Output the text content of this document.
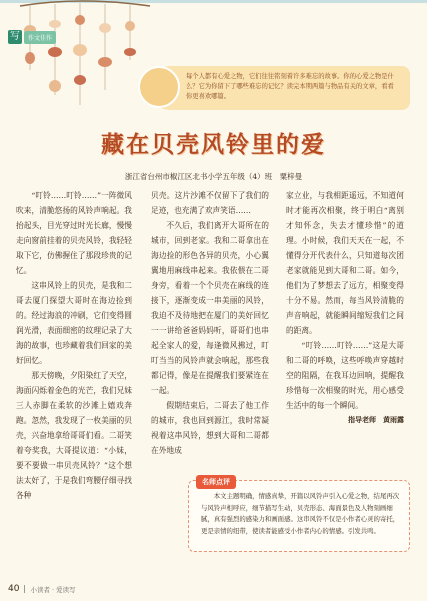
写	作文佳作
每个人都有心爱之物，它们往往铭刻着许多难忘的故事。你的心爱之物是什么？它为你留下了哪些难忘的记忆？读完本期两篇与物品有关的文章，看看你更喜欢哪篇。
藏在贝壳风铃里的爱
浙江省台州市椒江区北书小学五年级（4）班　粟梓曼

“叮铃……叮铃……”一阵微风吹来，清脆悠扬的风铃声响起。我抬起头，目光穿过时光长廊，慢慢走向窗前挂着的贝壳风铃，我轻轻取下它，仿佛握住了那段珍贵的记忆。

这串风铃上的贝壳，是我和二哥去厦门探望大哥时在海边捡到的。经过海浪的冲刷，它们变得圆润光滑，表面细密的纹理记录了大海的故事，也珍藏着我们回家的美好回忆。

那天傍晚，夕阳染红了天空，海面闪烁着金色的光芒，我们兄妹三人赤脚在柔软的沙滩上嬉戏奔跑。忽然，我发现了一枚美丽的贝壳，兴奋地拿给哥哥们看。二哥笑着夸奖我，大哥提议道：“小妹，要不要做一串贝壳风铃？”这个想法太好了，于是我们弯腰仔细寻找各种

贝壳。这片沙滩不仅留下了我们的足迹，也充满了欢声笑语……

不久后，我们离开大哥所在的城市，回到老家。我和二哥拿出在海边捡的形色各异的贝壳，小心翼翼地用麻线串起来。我依偎在二哥身旁，看着一个个贝壳在麻线的连接下，逐渐变成一串美丽的风铃，我迫不及待地把在厦门的美好回忆一一讲给爸爸妈妈听，哥哥们也串起全家人的爱，每逢微风拂过，叮叮当当的风铃声就会响起，那些我都记得，像是在提醒我们要紧连在一起。

假期结束后，二哥去了他工作的城市，我也回到源江，我时常凝视着这串风铃，想到大哥和二哥都在外地成

家立业，与我相距遥远，不知道何时才能再次相聚，终于明白“离别才知怀念，失去才懂珍惜”的道理。小时候，我们天天在一起，不懂得分开代表什么，只知道每次团老家就能见到大哥和二哥。如今，他们为了梦想去了远方，相聚变得十分不易。然而，每当风铃清脆的声音响起，就能瞬间缩短我们之间的距离。

“叮铃……叮铃……”这是大哥和二哥的呼唤，这些呼唤声穿越时空的阻隔，在我耳边回响，提醒我珍惜每一次相聚的时光，用心感受生活中的每一个瞬间。

指导老师　黄雨露
本文主题明确，情感真挚，开篇以风铃声引入心爱之物，结尾再次与风铃声相呼应，细节描写生动，贝壳形态、海面景色及人物刻画细腻，真有强烈的感染力和画面感。这串风铃不仅是小作者心灵的寄托，更是亲情的纽带，使读者能感受小作者内心的情感。引发共鸣。
名师点评
40 小读者 · 爱读写
